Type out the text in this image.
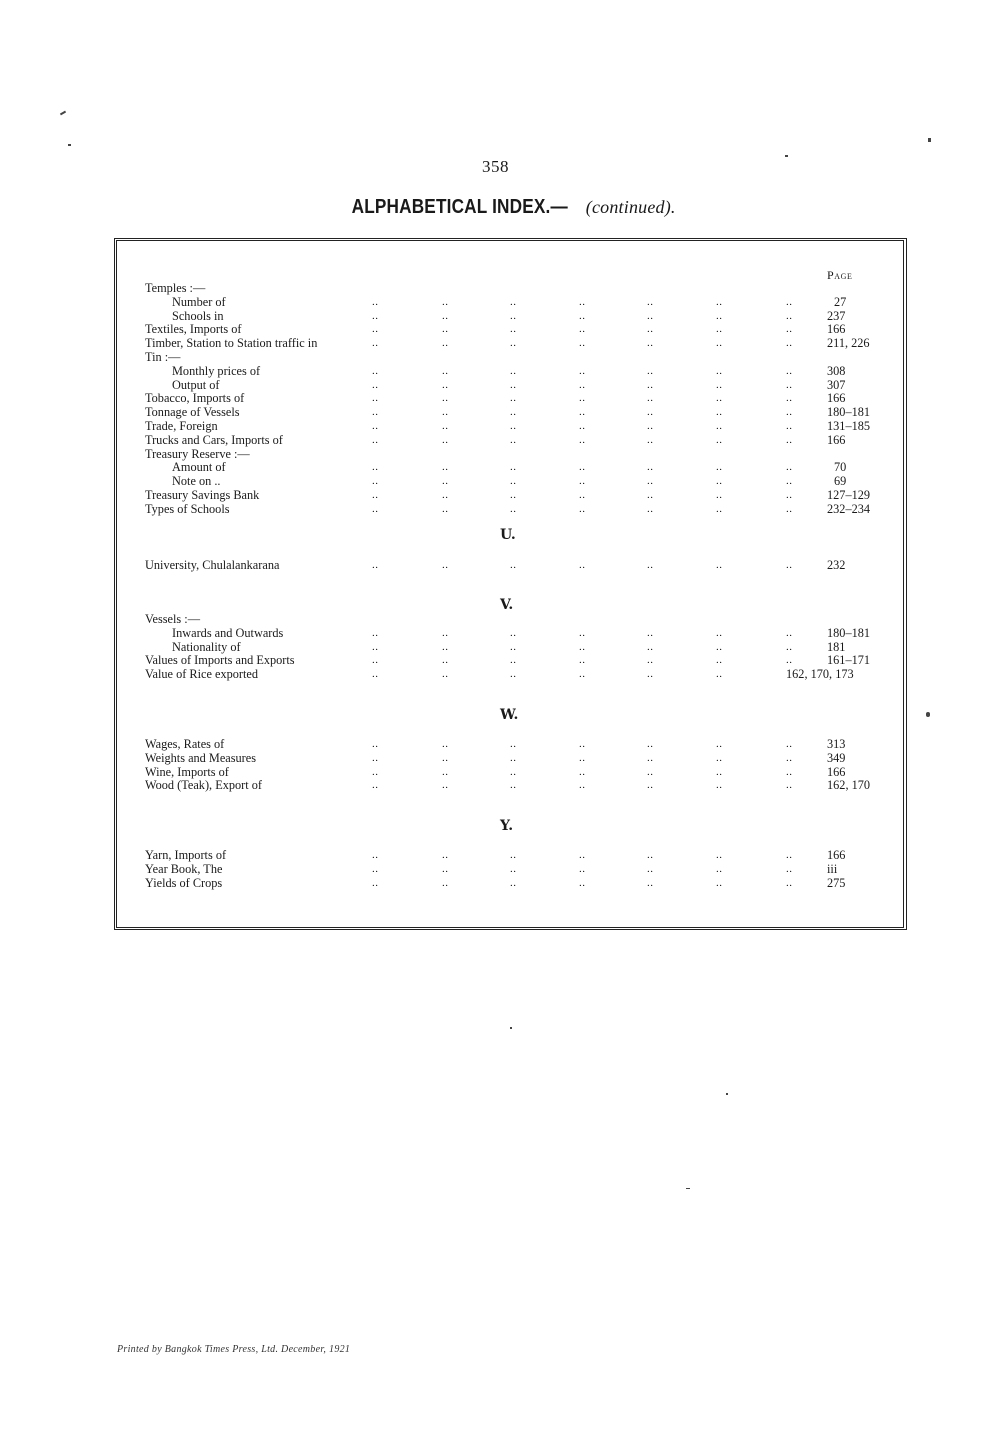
358
ALPHABETICAL INDEX.— (continued).
Page
U.
V.
W.
Y.
Temples :—
Number of	..	..	..	..	..	..	..	27
Schools in	..	..	..	..	..	..	..	237
Textiles, Imports of	..	..	..	..	..	..	..	166
Timber, Station to Station traffic in	..	..	..	..	..	..	..	211, 226
Tin :—
Monthly prices of	..	..	..	..	..	..	..	308
Output of	..	..	..	..	..	..	..	307
Tobacco, Imports of	..	..	..	..	..	..	..	166
Tonnage of Vessels	..	..	..	..	..	..	..	180–181
Trade, Foreign	..	..	..	..	..	..	..	131–185
Trucks and Cars, Imports of	..	..	..	..	..	..	..	166
Treasury Reserve :—
Amount of	..	..	..	..	..	..	..	70
Note on ..	..	..	..	..	..	..	..	69
Treasury Savings Bank	..	..	..	..	..	..	..	127–129
Types of Schools	..	..	..	..	..	..	..	232–234
University, Chulalankarana	..	..	..	..	..	..	..	232
Vessels :—
Inwards and Outwards	..	..	..	..	..	..	..	180–181
Nationality of	..	..	..	..	..	..	..	181
Values of Imports and Exports	..	..	..	..	..	..	..	161–171
Value of Rice exported	..	..	..	..	..	..	162, 170, 173
Wages, Rates of	..	..	..	..	..	..	..	313
Weights and Measures	..	..	..	..	..	..	..	349
Wine, Imports of	..	..	..	..	..	..	..	166
Wood (Teak), Export of	..	..	..	..	..	..	..	162, 170
Yarn, Imports of	..	..	..	..	..	..	..	166
Year Book, The	..	..	..	..	..	..	..	iii
Yields of Crops	..	..	..	..	..	..	..	275
Printed by Bangkok Times Press, Ltd. December, 1921
